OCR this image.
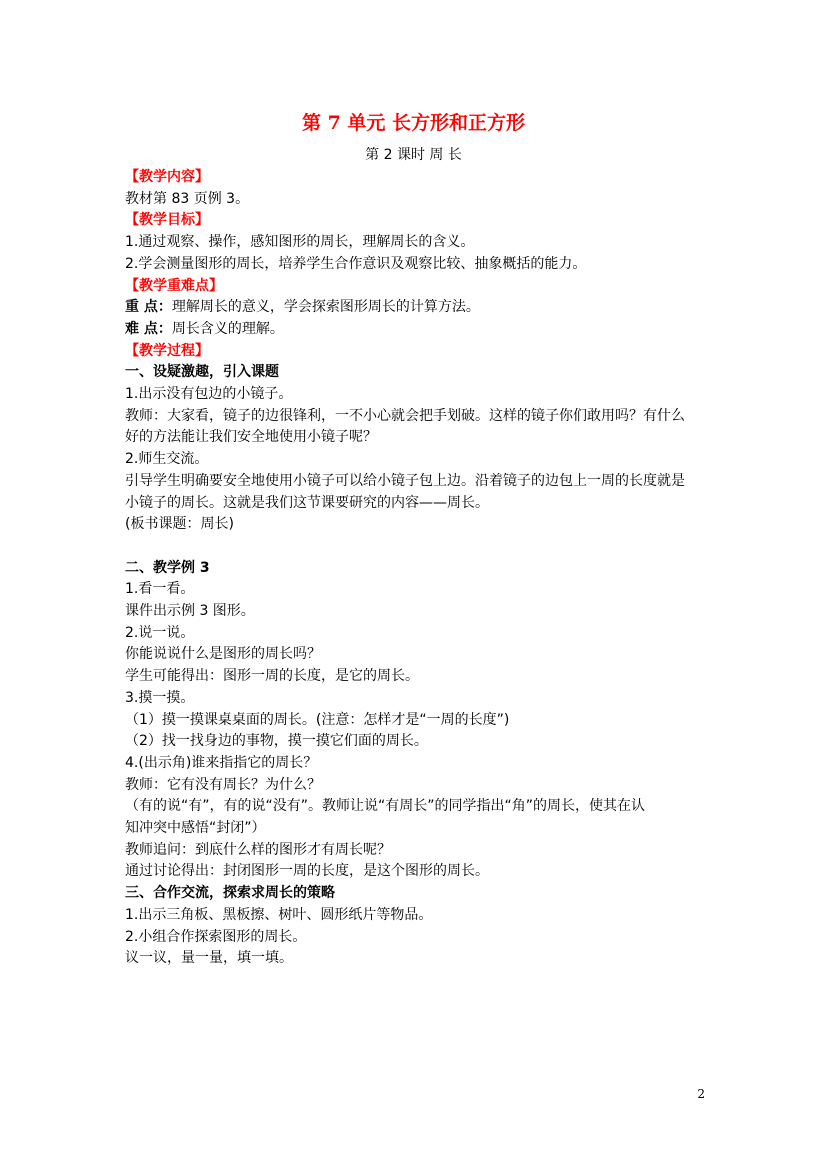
第 7 单元 长方形和正方形
第 2 课时 周 长
【教学内容】
教材第 83 页例 3。
【教学目标】
1.通过观察、操作，感知图形的周长，理解周长的含义。
2.学会测量图形的周长，培养学生合作意识及观察比较、抽象概括的能力。
【教学重难点】
重 点：理解周长的意义，学会探索图形周长的计算方法。
难 点：周长含义的理解。
【教学过程】
一、设疑激趣，引入课题
1.出示没有包边的小镜子。
教师：大家看，镜子的边很锋利，一不小心就会把手划破。这样的镜子你们敢用吗？有什么
好的方法能让我们安全地使用小镜子呢？
2.师生交流。
引导学生明确要安全地使用小镜子可以给小镜子包上边。沿着镜子的边包上一周的长度就是
小镜子的周长。这就是我们这节课要研究的内容——周长。
(板书课题：周长)
二、教学例 3
1.看一看。
课件出示例 3 图形。
2.说一说。
你能说说什么是图形的周长吗？
学生可能得出：图形一周的长度，是它的周长。
3.摸一摸。
（1）摸一摸课桌桌面的周长。(注意：怎样才是“一周的长度”)
（2）找一找身边的事物，摸一摸它们面的周长。
4.(出示角)谁来指指它的周长？
教师：它有没有周长？为什么？
（有的说“有”，有的说“没有”。教师让说“有周长”的同学指出“角”的周长，使其在认
知冲突中感悟“封闭”）
教师追问：到底什么样的图形才有周长呢？
通过讨论得出：封闭图形一周的长度，是这个图形的周长。
三、合作交流，探索求周长的策略
1.出示三角板、黑板擦、树叶、圆形纸片等物品。
2.小组合作探索图形的周长。
议一议，量一量，填一填。
2
